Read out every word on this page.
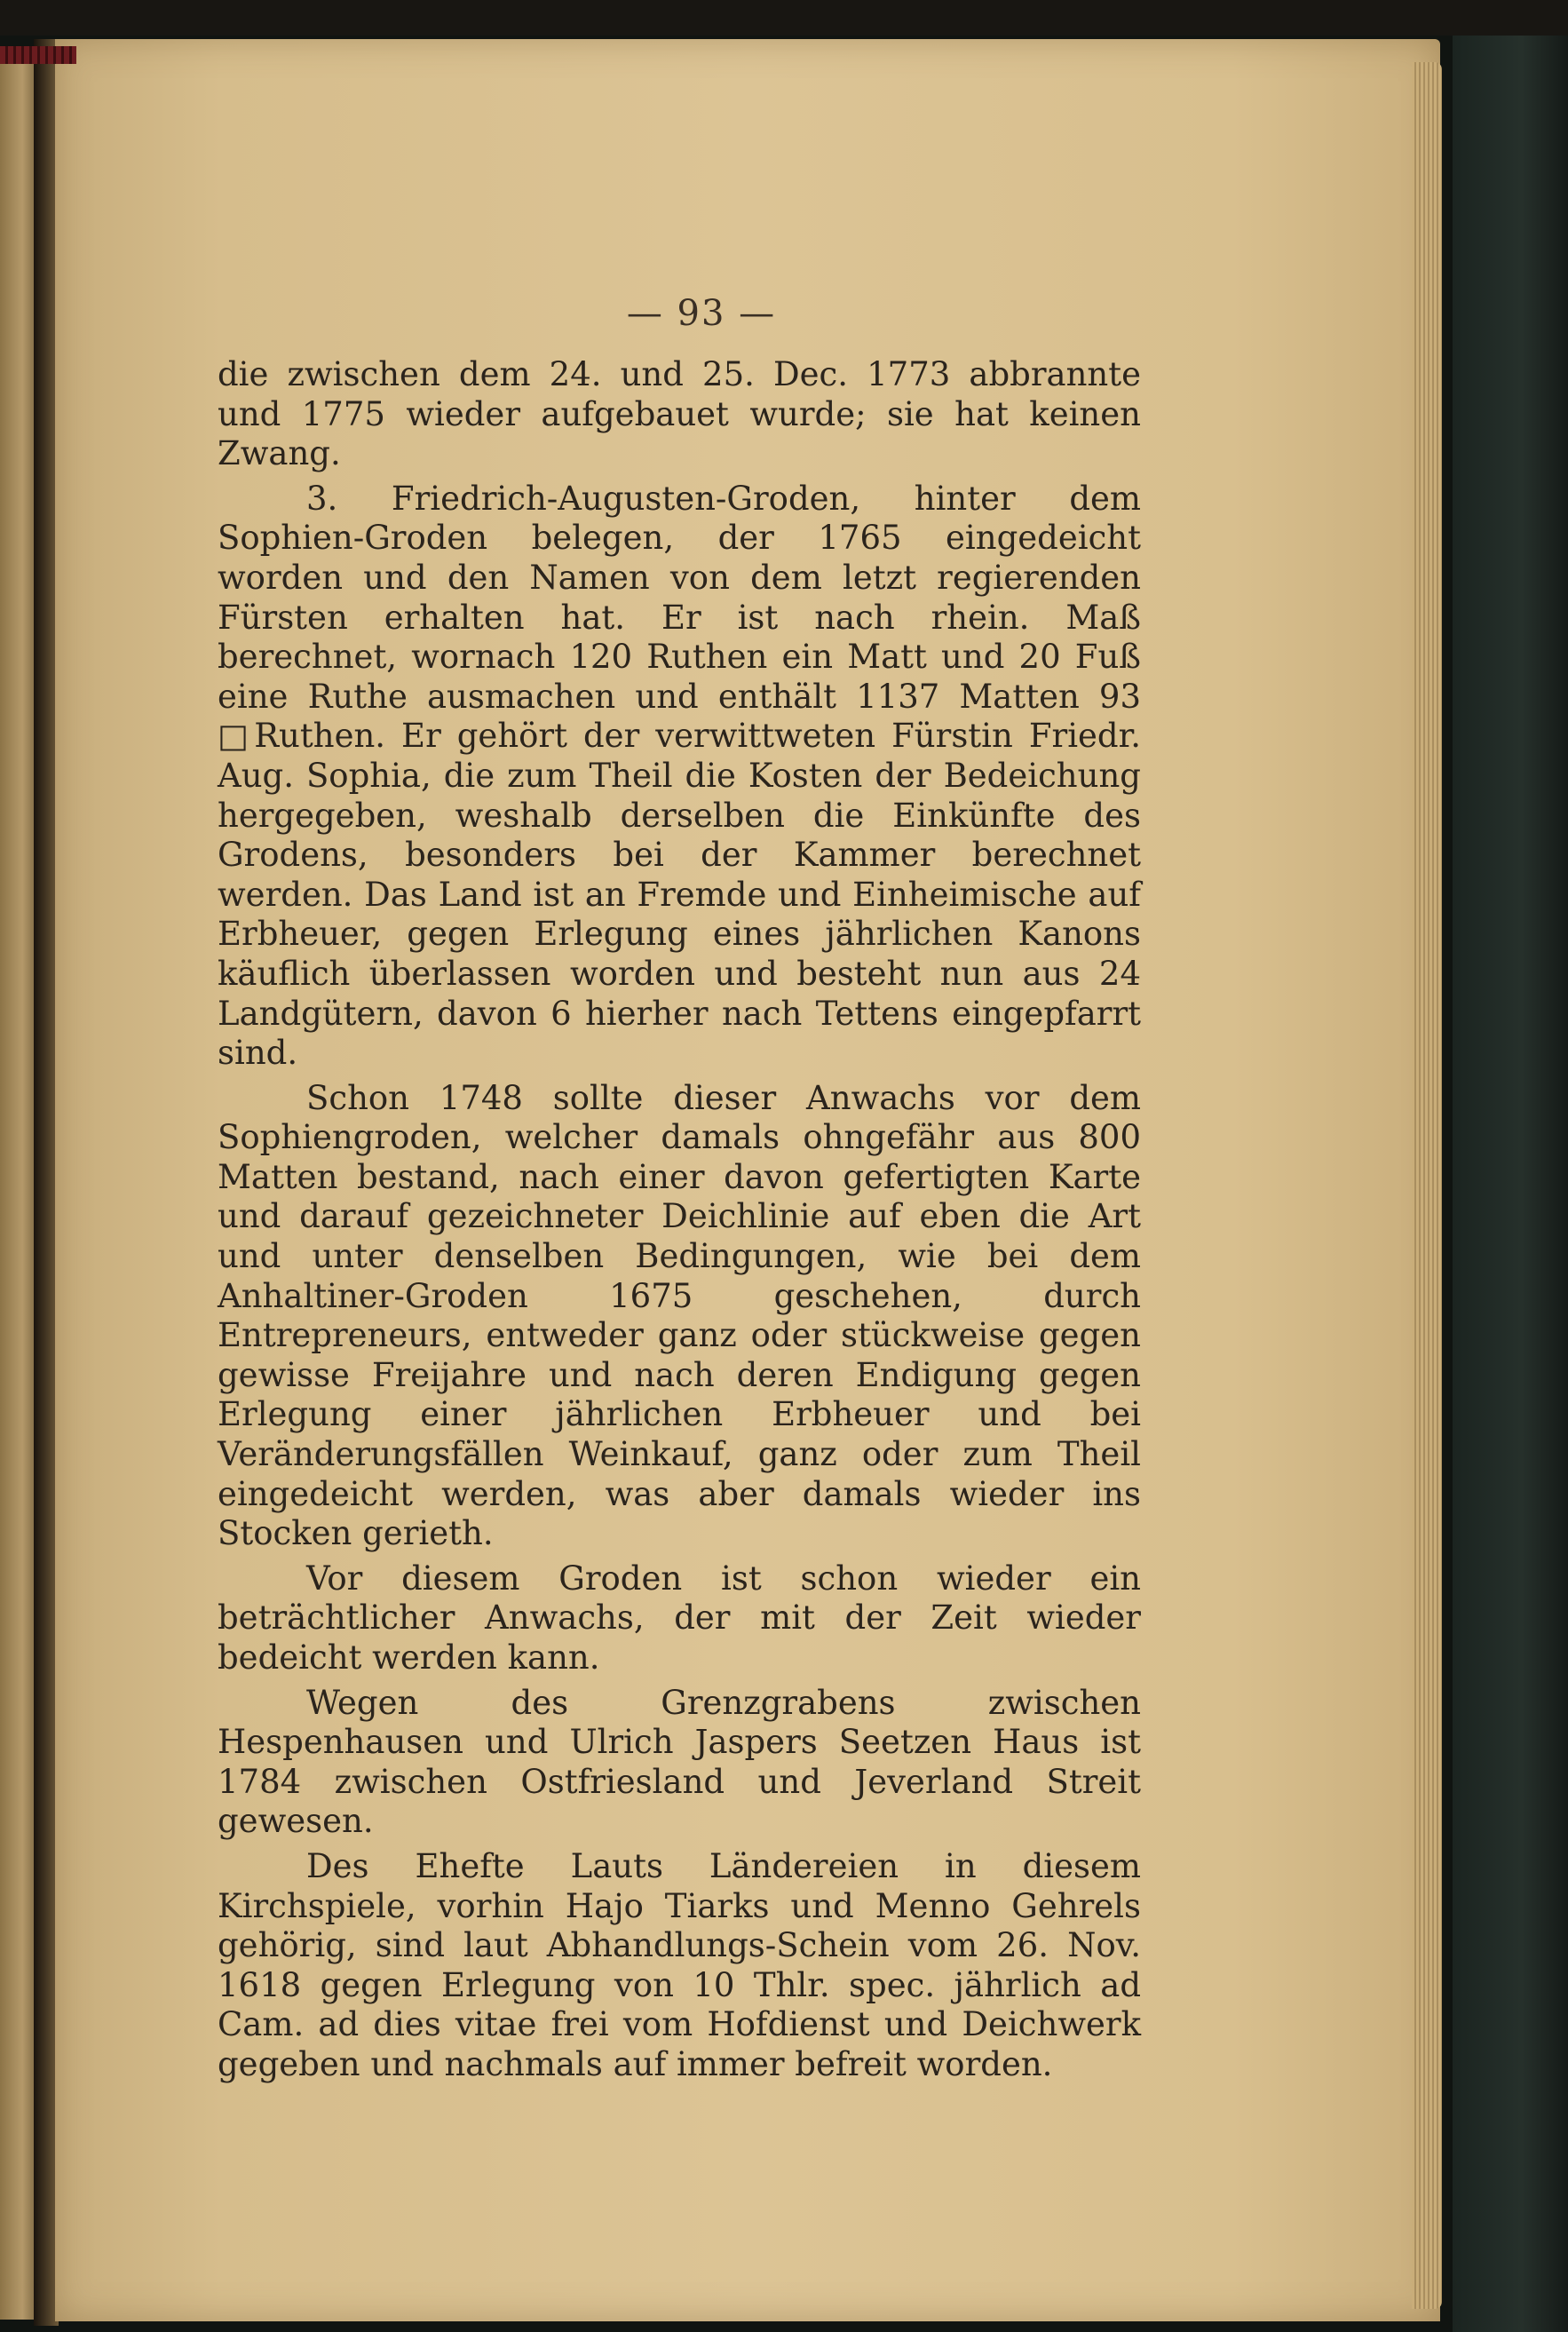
— 93 —

die zwischen dem 24. und 25. Dec. 1773 abbrannte und 1775 wieder aufgebauet wurde; sie hat keinen Zwang.

3. Friedrich-Augusten-Groden, hinter dem Sophien-Groden belegen, der 1765 eingedeicht worden und den Namen von dem letzt regierenden Fürsten erhalten hat. Er ist nach rhein. Maß berechnet, wornach 120 Ruthen ein Matt und 20 Fuß eine Ruthe ausmachen und enthält 1137 Matten 93 □Ruthen. Er gehört der verwittweten Fürstin Friedr. Aug. Sophia, die zum Theil die Kosten der Bedeichung hergegeben, weshalb derselben die Einkünfte des Grodens, besonders bei der Kammer berechnet werden. Das Land ist an Fremde und Einheimische auf Erbheuer, gegen Erlegung eines jährlichen Kanons käuflich überlassen worden und besteht nun aus 24 Landgütern, davon 6 hierher nach Tettens eingepfarrt sind.

Schon 1748 sollte dieser Anwachs vor dem Sophiengroden, welcher damals ohngefähr aus 800 Matten bestand, nach einer davon gefertigten Karte und darauf gezeichneter Deichlinie auf eben die Art und unter denselben Bedingungen, wie bei dem Anhaltiner-Groden 1675 geschehen, durch Entrepreneurs, entweder ganz oder stückweise gegen gewisse Freijahre und nach deren Endigung gegen Erlegung einer jährlichen Erbheuer und bei Veränderungsfällen Weinkauf, ganz oder zum Theil eingedeicht werden, was aber damals wieder ins Stocken gerieth.

Vor diesem Groden ist schon wieder ein beträchtlicher Anwachs, der mit der Zeit wieder bedeicht werden kann.

Wegen des Grenzgrabens zwischen Hespenhausen und Ulrich Jaspers Seetzen Haus ist 1784 zwischen Ostfriesland und Jeverland Streit gewesen.

Des Ehefte Lauts Ländereien in diesem Kirchspiele, vorhin Hajo Tiarks und Menno Gehrels gehörig, sind laut Abhandlungs-Schein vom 26. Nov. 1618 gegen Erlegung von 10 Thlr. spec. jährlich ad Cam. ad dies vitae frei vom Hofdienst und Deichwerk gegeben und nachmals auf immer befreit worden.
